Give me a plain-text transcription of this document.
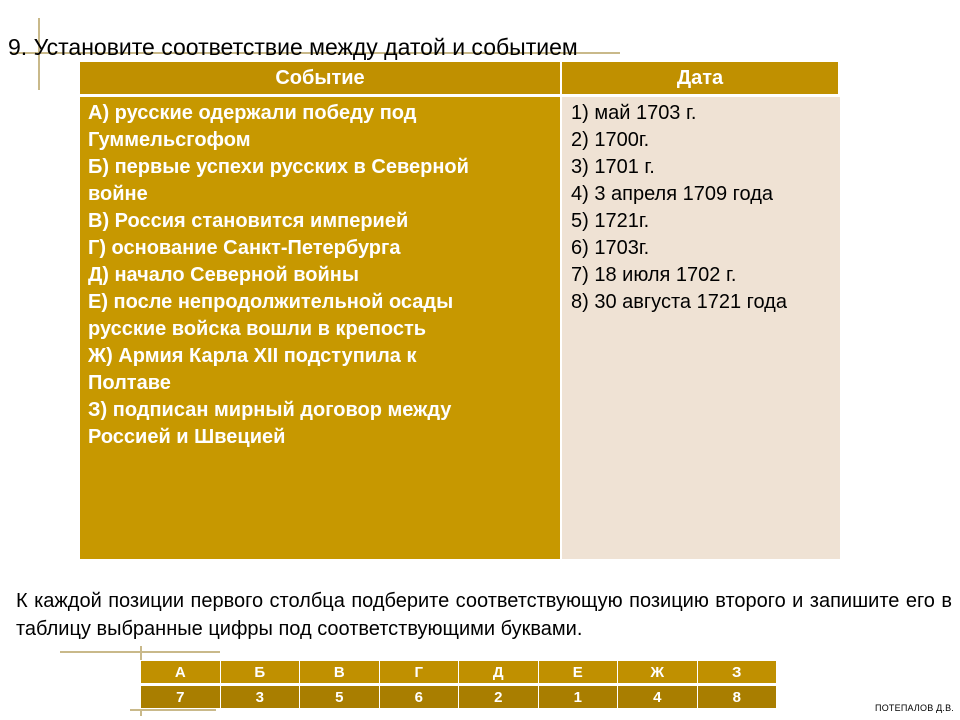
9. Установите соответствие между датой и событием
Событие	Дата
А) русские одержали победу под
Гуммельсгофом
Б) первые успехи русских в Северной
войне
В) Россия становится империей
Г) основание Санкт-Петербурга
Д) начало Северной войны
Е) после непродолжительной осады
русские войска вошли в крепость
Ж) Армия Карла XII подступила к
Полтаве
З) подписан мирный договор между
Россией и Швецией
1) май 1703 г.
2) 1700г.
3) 1701 г.
4) 3 апреля 1709 года
5) 1721г.
6) 1703г.
7) 18 июля 1702 г.
8) 30 августа 1721 года
К каждой позиции первого столбца подберите соответствующую позицию второго и запишите его в таблицу выбранные цифры под соответствующими буквами.
А	Б	В	Г	Д	Е	Ж	З
7	3	5	6	2	1	4	8
ПОТЕПАЛОВ Д.В.
